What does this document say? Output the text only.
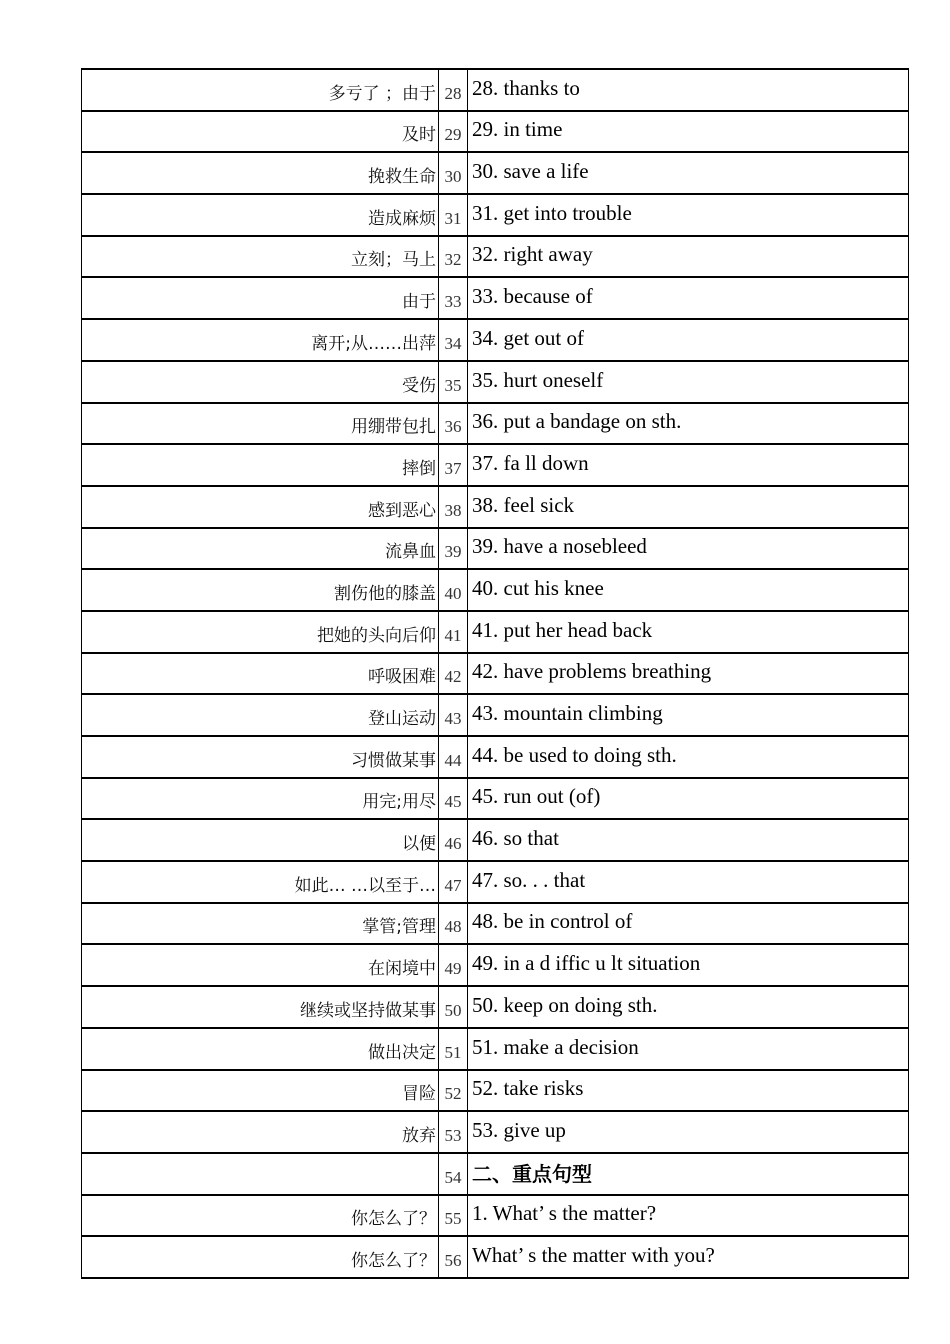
多亏了 ；由于 28 28. thanks to
及时 29 29. in time
挽救生命 30 30. save a life
造成麻烦 31 31. get into trouble
立刻；马上 32 32. right away
由于 33 33. because of
离开;从……出萍 34 34. get out of
受伤 35 35. hurt oneself
用绷带包扎 36 36. put a bandage on sth.
摔倒 37 37. fa ll down
感到恶心 38 38. feel sick
流鼻血 39 39. have a nosebleed
割伤他的膝盖 40 40. cut his knee
把她的头向后仰 41 41. put her head back
呼吸困难 42 42. have problems breathing
登山运动 43 43. mountain climbing
习惯做某事 44 44. be used to doing sth.
用完;用尽 45 45. run out (of)
以便 46 46. so that
如此… …以至于… 47 47. so. . . that
掌管;管理 48 48. be in control of
在闲境中 49 49. in a d iffic u lt situation
继续或坚持做某事 50 50. keep on doing sth.
做出决定 51 51. make a decision
冒险 52 52. take risks
放弃 53 53. give up
54 二、重点句型
你怎么了？ 55 1. What’ s the matter?
你怎么了？ 56 What’ s the matter with you?
